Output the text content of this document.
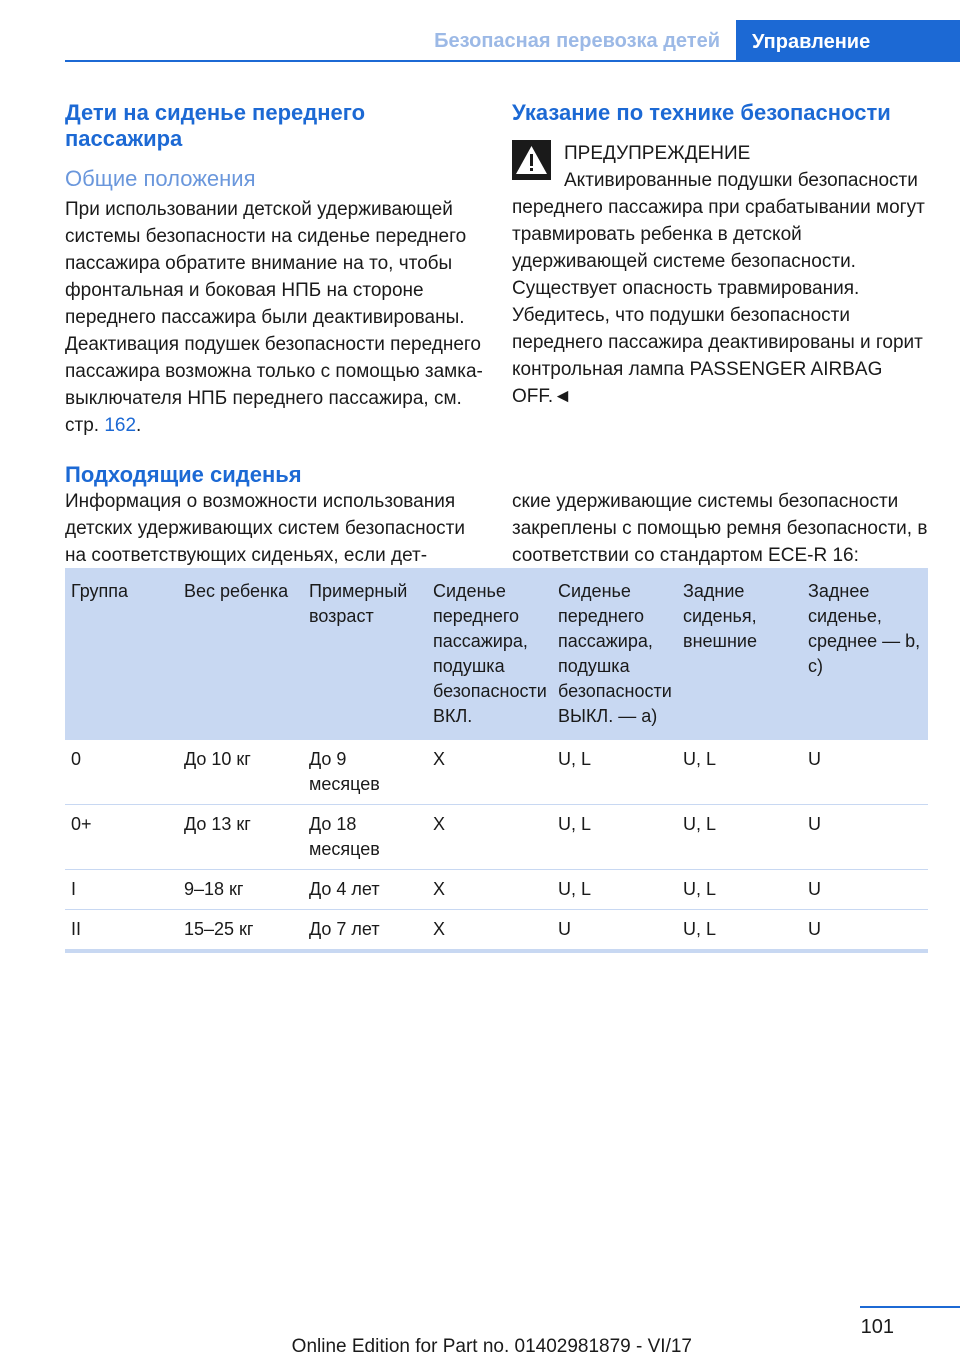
Безопасная перевозка детей	Управление
Дети на сиденье переднего пассажира
Общие положения

При использовании детской удерживающей системы безопасности на сиденье переднего пассажира обратите внимание на то, чтобы фронтальная и боковая НПБ на стороне переднего пассажира были деактивированы. Деактивация подушек безопасности переднего пассажира возможна только с помощью замка-выключателя НПБ переднего пассажира, см. стр. 162.

Указание по технике безопасности
ПРЕДУПРЕЖДЕНИЕ

Активированные подушки безопасности переднего пассажира при срабатывании могут травмировать ребенка в детской удерживающей системе безопасности. Существует опасность травмирования. Убедитесь, что подушки безопасности переднего пассажира деактивированы и горит контрольная лампа PASSENGER AIRBAG OFF.◄

Подходящие сиденья

Информация о возможности использования детских удерживающих систем безопасности на соответствующих сиденьях, если дет-

ские удерживающие системы безопасности закреплены с помощью ремня безопасности, в соответствии со стандартом ECE-R 16:

Группа	Вес ребенка	Примерный возраст	Сиденье переднего пассажира, подушка безопасности ВКЛ.	Сиденье переднего пассажира, подушка безопасности ВЫКЛ. — a)	Задние сиденья, внешние	Заднее сиденье, среднее — b, c)
0	До 10 кг	До 9 месяцев	X	U, L	U, L	U
0+	До 13 кг	До 18 месяцев	X	U, L	U, L	U
I	9–18 кг	До 4 лет	X	U, L	U, L	U
II	15–25 кг	До 7 лет	X	U	U, L	U
101
Online Edition for Part no. 01402981879 - VI/17
